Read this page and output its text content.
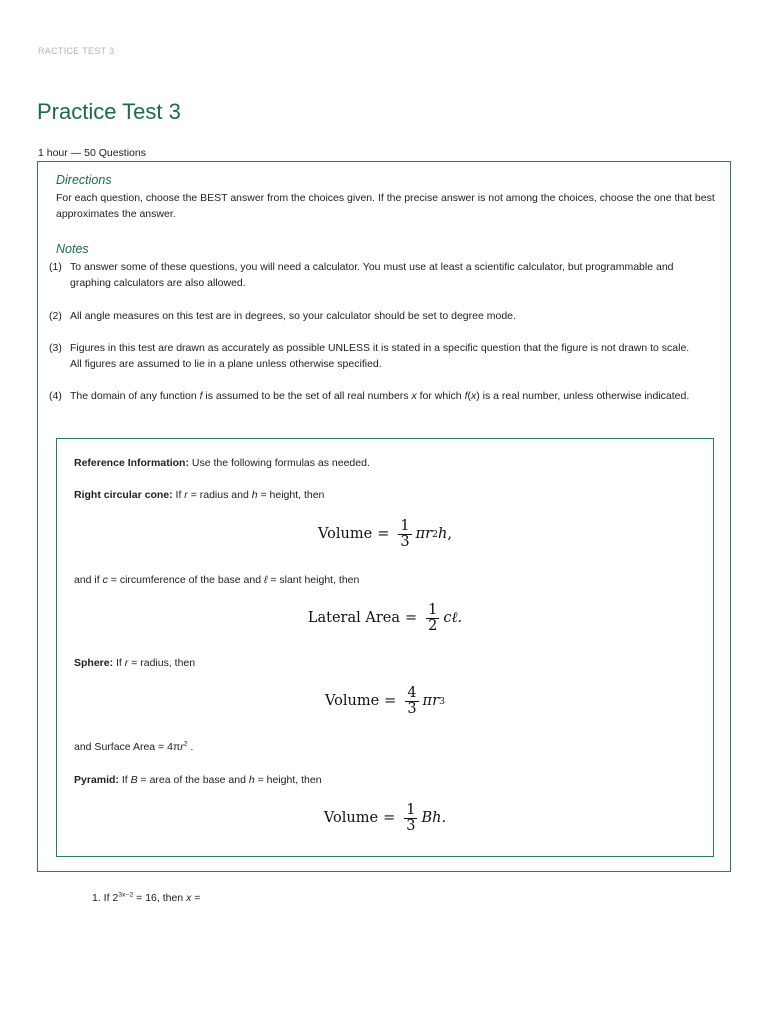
RACTICE TEST 3
Practice Test 3
1 hour — 50 Questions
Directions
For each question, choose the BEST answer from the choices given. If the precise answer is not among the choices, choose the one that best approximates the answer.
Notes
(1) To answer some of these questions, you will need a calculator. You must use at least a scientific calculator, but programmable and graphing calculators are also allowed.
(2) All angle measures on this test are in degrees, so your calculator should be set to degree mode.
(3) Figures in this test are drawn as accurately as possible UNLESS it is stated in a specific question that the figure is not drawn to scale. All figures are assumed to lie in a plane unless otherwise specified.
(4) The domain of any function f is assumed to be the set of all real numbers x for which f(x) is a real number, unless otherwise indicated.
Reference Information: Use the following formulas as needed.
Right circular cone: If r = radius and h = height, then
Volume = $\frac{1}{3}$ π r 2 h ,
and if c = circumference of the base and ℓ = slant height, then
Lateral Area = $\frac{1}{2}$ cℓ.
Sphere: If r = radius, then
Volume = $\frac{4}{3}$ π r 3
and Surface Area = $4\pi r^2$ .
Pyramid: If B = area of the base and h = height, then
Volume = $\frac{1}{3} Bh$.
1. If $2^{3x-2} = 16$, then x =
